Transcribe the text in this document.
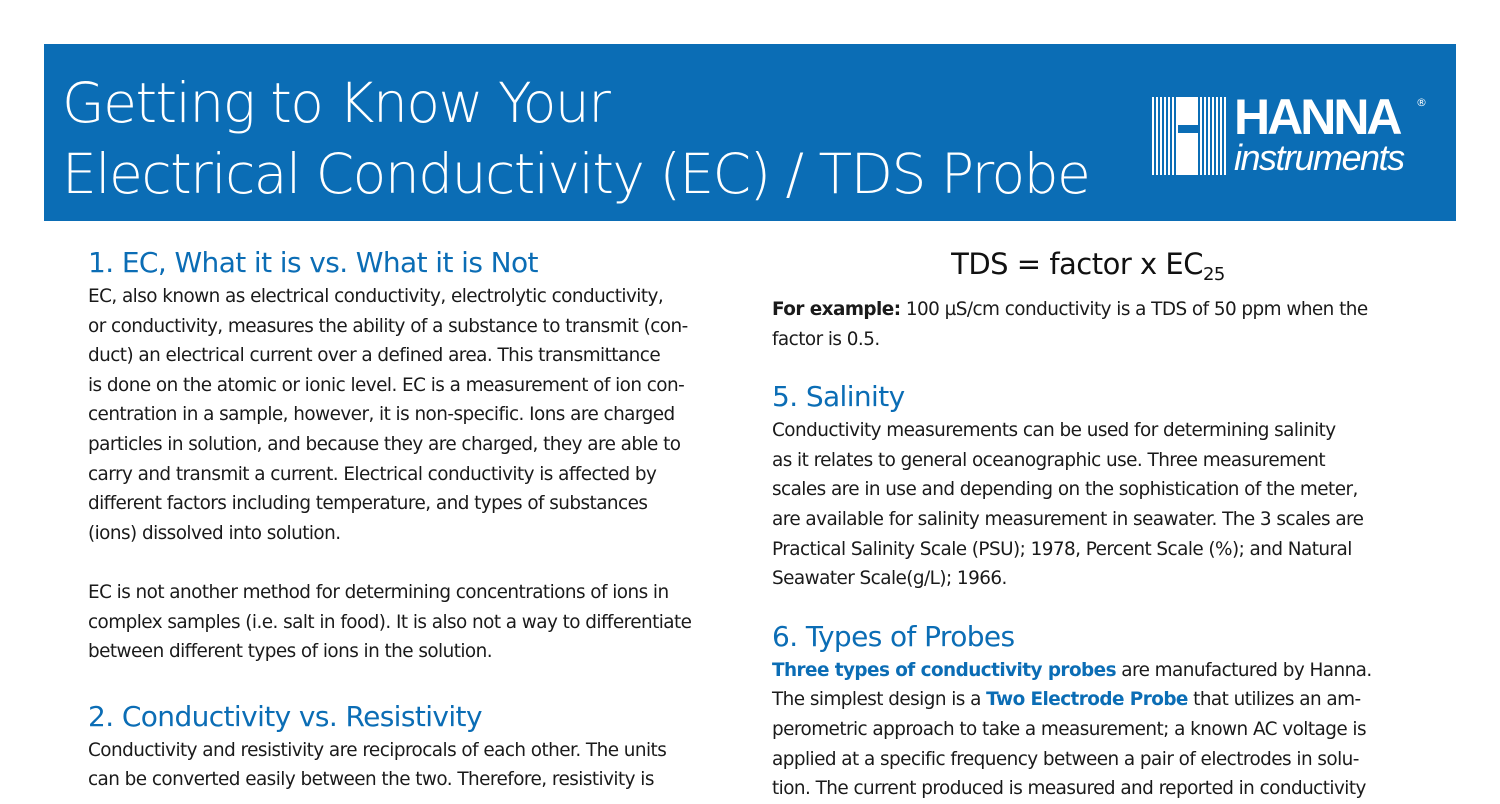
Getting to Know Your
Electrical Conductivity (EC) / TDS Probe
HANNA ®
instruments
1. EC, What it is vs. What it is Not

EC, also known as electrical conductivity, electrolytic conductivity,
or conductivity, measures the ability of a substance to transmit (con-
duct) an electrical current over a defined area. This transmittance
is done on the atomic or ionic level. EC is a measurement of ion con-
centration in a sample, however, it is non-specific. Ions are charged
particles in solution, and because they are charged, they are able to
carry and transmit a current. Electrical conductivity is affected by
different factors including temperature, and types of substances
(ions) dissolved into solution.

EC is not another method for determining concentrations of ions in
complex samples (i.e. salt in food). It is also not a way to differentiate
between different types of ions in the solution.

2. Conductivity vs. Resistivity

Conductivity and resistivity are reciprocals of each other. The units
can be converted easily between the two. Therefore, resistivity is

TDS = factor x $EC_{25}$

For example: 100 µS/cm conductivity is a TDS of 50 ppm when the
factor is 0.5.

5. Salinity

Conductivity measurements can be used for determining salinity
as it relates to general oceanographic use. Three measurement
scales are in use and depending on the sophistication of the meter,
are available for salinity measurement in seawater. The 3 scales are
Practical Salinity Scale (PSU); 1978, Percent Scale (%); and Natural
Seawater Scale(g/L); 1966.

6. Types of Probes

Three types of conductivity probes are manufactured by Hanna.
The simplest design is a Two Electrode Probe that utilizes an am-
perometric approach to take a measurement; a known AC voltage is
applied at a specific frequency between a pair of electrodes in solu-
tion. The current produced is measured and reported in conductivity
